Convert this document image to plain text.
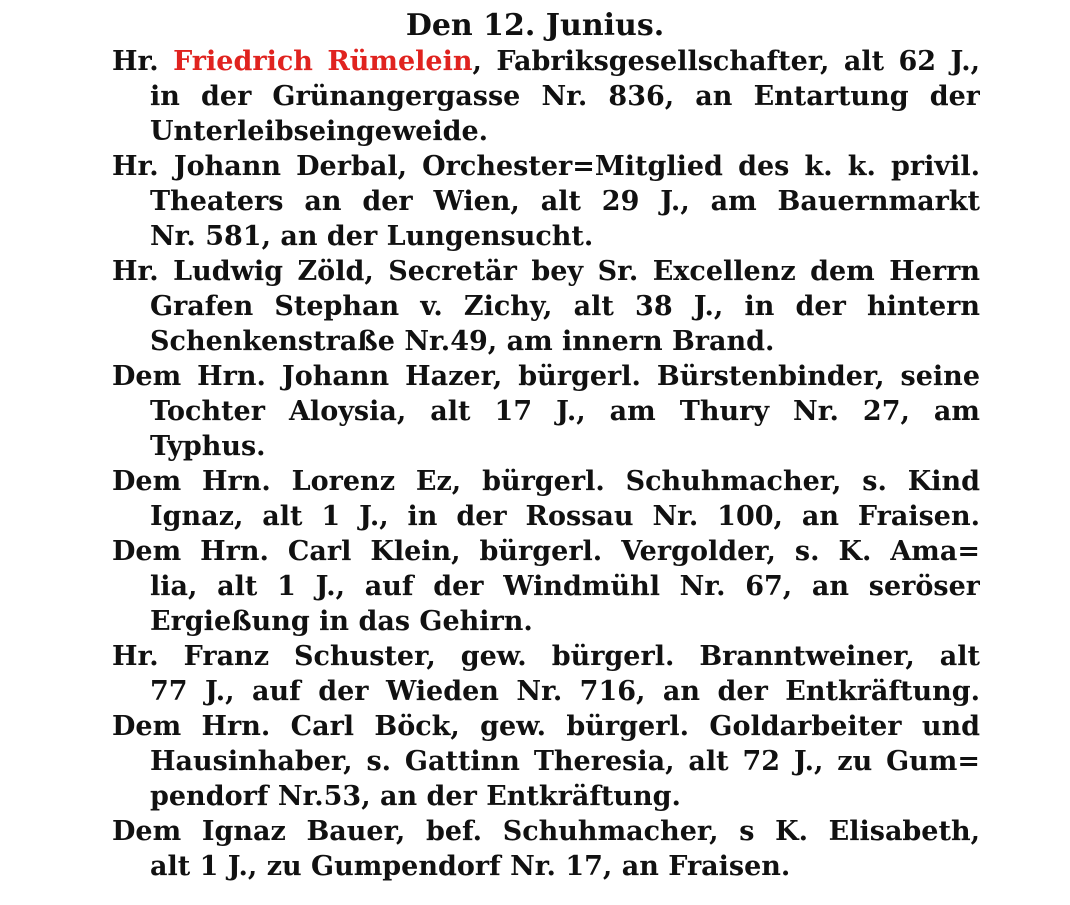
Den 12. Junius.
Hr. Friedrich Rümelein, Fabriksgesellschafter, alt 62 J.,
in der Grünangergasse Nr. 836, an Entartung der
Unterleibseingeweide.
Hr. Johann Derbal, Orchester=Mitglied des k. k. privil.
Theaters an der Wien, alt 29 J., am Bauernmarkt
Nr. 581, an der Lungensucht.
Hr. Ludwig Zöld, Secretär bey Sr. Excellenz dem Herrn
Grafen Stephan v. Zichy, alt 38 J., in der hintern
Schenkenstraße Nr.49, am innern Brand.
Dem Hrn. Johann Hazer, bürgerl. Bürstenbinder, seine
Tochter Aloysia, alt 17 J., am Thury Nr. 27, am
Typhus.
Dem Hrn. Lorenz Ez, bürgerl. Schuhmacher, s. Kind
Ignaz, alt 1 J., in der Rossau Nr. 100, an Fraisen.
Dem Hrn. Carl Klein, bürgerl. Vergolder, s. K. Ama=
lia, alt 1 J., auf der Windmühl Nr. 67, an seröser
Ergießung in das Gehirn.
Hr. Franz Schuster, gew. bürgerl. Branntweiner, alt
77 J., auf der Wieden Nr. 716, an der Entkräftung.
Dem Hrn. Carl Böck, gew. bürgerl. Goldarbeiter und
Hausinhaber, s. Gattinn Theresia, alt 72 J., zu Gum=
pendorf Nr.53, an der Entkräftung.
Dem Ignaz Bauer, bef. Schuhmacher, s K. Elisabeth,
alt 1 J., zu Gumpendorf Nr. 17, an Fraisen.
